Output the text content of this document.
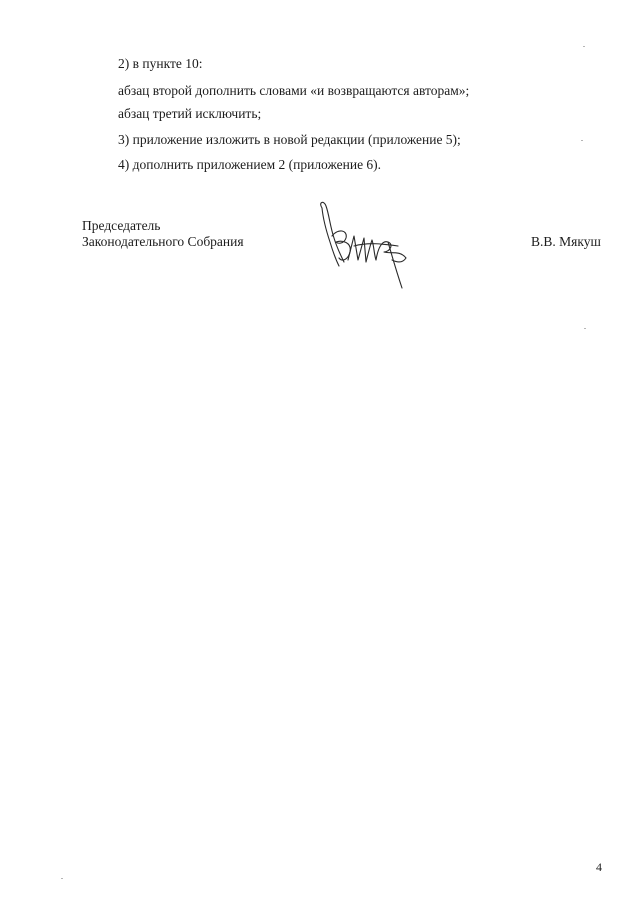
2) в пункте 10:
абзац второй дополнить словами «и возвращаются авторам»;
абзац третий исключить;
3) приложение изложить в новой редакции (приложение 5);
4) дополнить приложением 2 (приложение 6).
Председатель
Законодательного Собрания	В.В. Мякуш
4
